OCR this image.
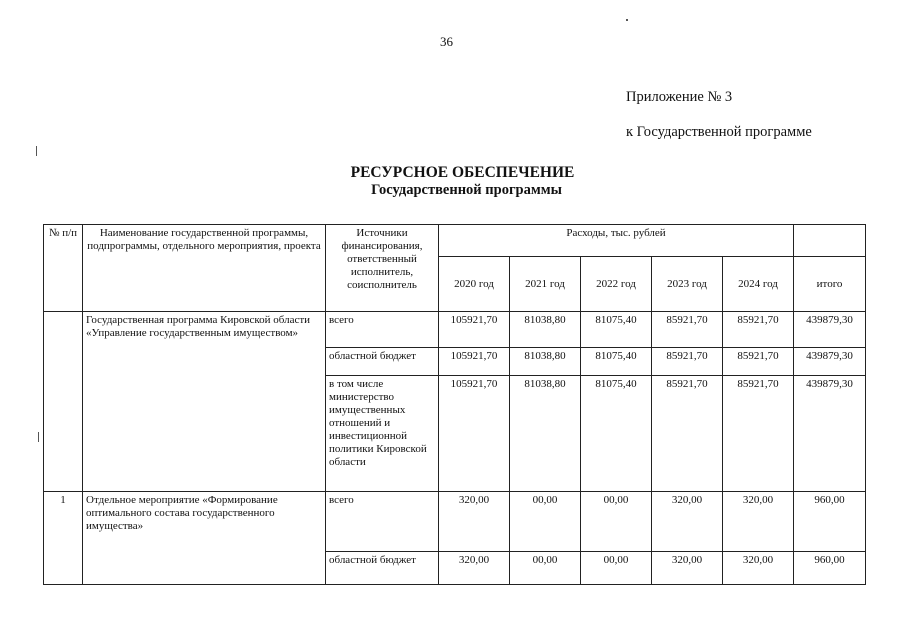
36
Приложение № 3
к Государственной программе
РЕСУРСНОЕ ОБЕСПЕЧЕНИЕ
Государственной программы
№ п/п	Наименование государственной программы, подпрограммы, отдельного мероприятия, проекта	Источники финансирования, ответственный исполнитель, соисполнитель	Расходы, тыс. рублей					
			2020 год	2021 год	2022 год	2023 год	2024 год	итого
	Государственная программа Кировской области «Управление государственным имуществом»	всего	105921,70	81038,80	81075,40	85921,70	85921,70	439879,30
		областной бюджет	105921,70	81038,80	81075,40	85921,70	85921,70	439879,30
		в том числе министерство имущественных отношений и инвестиционной политики Кировской области	105921,70	81038,80	81075,40	85921,70	85921,70	439879,30
1	Отдельное мероприятие «Формирование оптимального состава государственного имущества»	всего	320,00	00,00	00,00	320,00	320,00	960,00
		областной бюджет	320,00	00,00	00,00	320,00	320,00	960,00
